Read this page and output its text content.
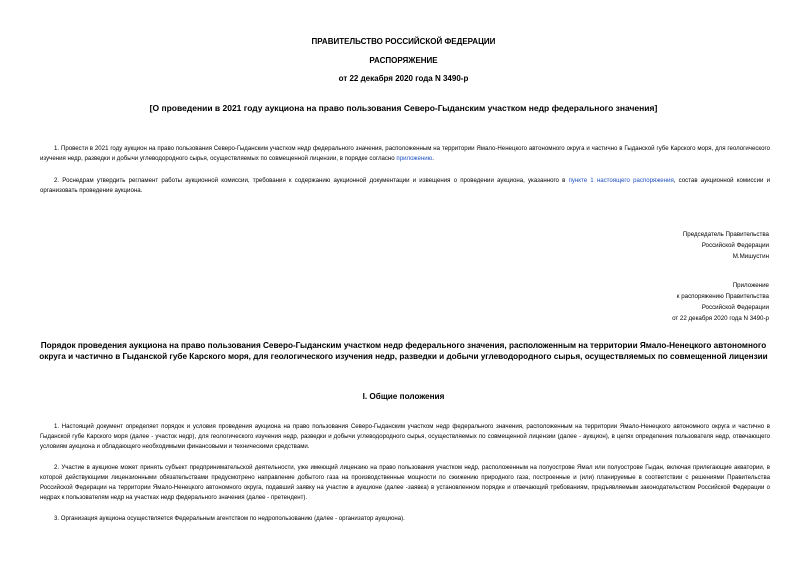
ПРАВИТЕЛЬСТВО РОССИЙСКОЙ ФЕДЕРАЦИИ
РАСПОРЯЖЕНИЕ
от 22 декабря 2020 года N 3490-р
[О проведении в 2021 году аукциона на право пользования Северо-Гыданским участком недр федерального значения]
1. Провести в 2021 году аукцион на право пользования Северо-Гыданским участком недр федерального значения, расположенным на территории Ямало-Ненецкого автономного округа и частично в Гыданской губе Карского моря, для геологического изучения недр, разведки и добычи углеводородного сырья, осуществляемых по совмещенной лицензии, в порядке согласно приложению.
2. Роснедрам утвердить регламент работы аукционной комиссии, требования к содержанию аукционной документации и извещения о проведении аукциона, указанного в пункте 1 настоящего распоряжения, состав аукционной комиссии и организовать проведение аукциона.
Председатель Правительства
Российской Федерации
М.Мишустин
Приложение
к распоряжению Правительства
Российской Федерации
от 22 декабря 2020 года N 3490-р
Порядок проведения аукциона на право пользования Северо-Гыданским участком недр федерального значения, расположенным на территории Ямало-Ненецкого автономного округа и частично в Гыданской губе Карского моря, для геологического изучения недр, разведки и добычи углеводородного сырья, осуществляемых по совмещенной лицензии
I. Общие положения
1. Настоящий документ определяет порядок и условия проведения аукциона на право пользования Северо-Гыданским участком недр федерального значения, расположенным на территории Ямало-Ненецкого автономного округа и частично в Гыданской губе Карского моря (далее - участок недр), для геологического изучения недр, разведки и добычи углеводородного сырья, осуществляемых по совмещенной лицензии (далее - аукцион), в целях определения пользователя недр, отвечающего условиям аукциона и обладающего необходимыми финансовыми и техническими средствами.
2. Участие в аукционе может принять субъект предпринимательской деятельности, уже имеющий лицензию на право пользования участком недр, расположенным на полуострове Ямал или полуострове Гыдан, включая прилегающие акватории, в которой действующими лицензионными обязательствами предусмотрено направление добытого газа на производственные мощности по сжижению природного газа, построенные и (или) планируемые в соответствии с решениями Правительства Российской Федерации на территории Ямало-Ненецкого автономного округа, подавший заявку на участие в аукционе (далее -заявка) в установленном порядке и отвечающий требованиям, предъявляемым законодательством Российской Федерации о недрах к пользователям недр на участках недр федерального значения (далее - претендент).
3. Организация аукциона осуществляется Федеральным агентством по недропользованию (далее - организатор аукциона).
